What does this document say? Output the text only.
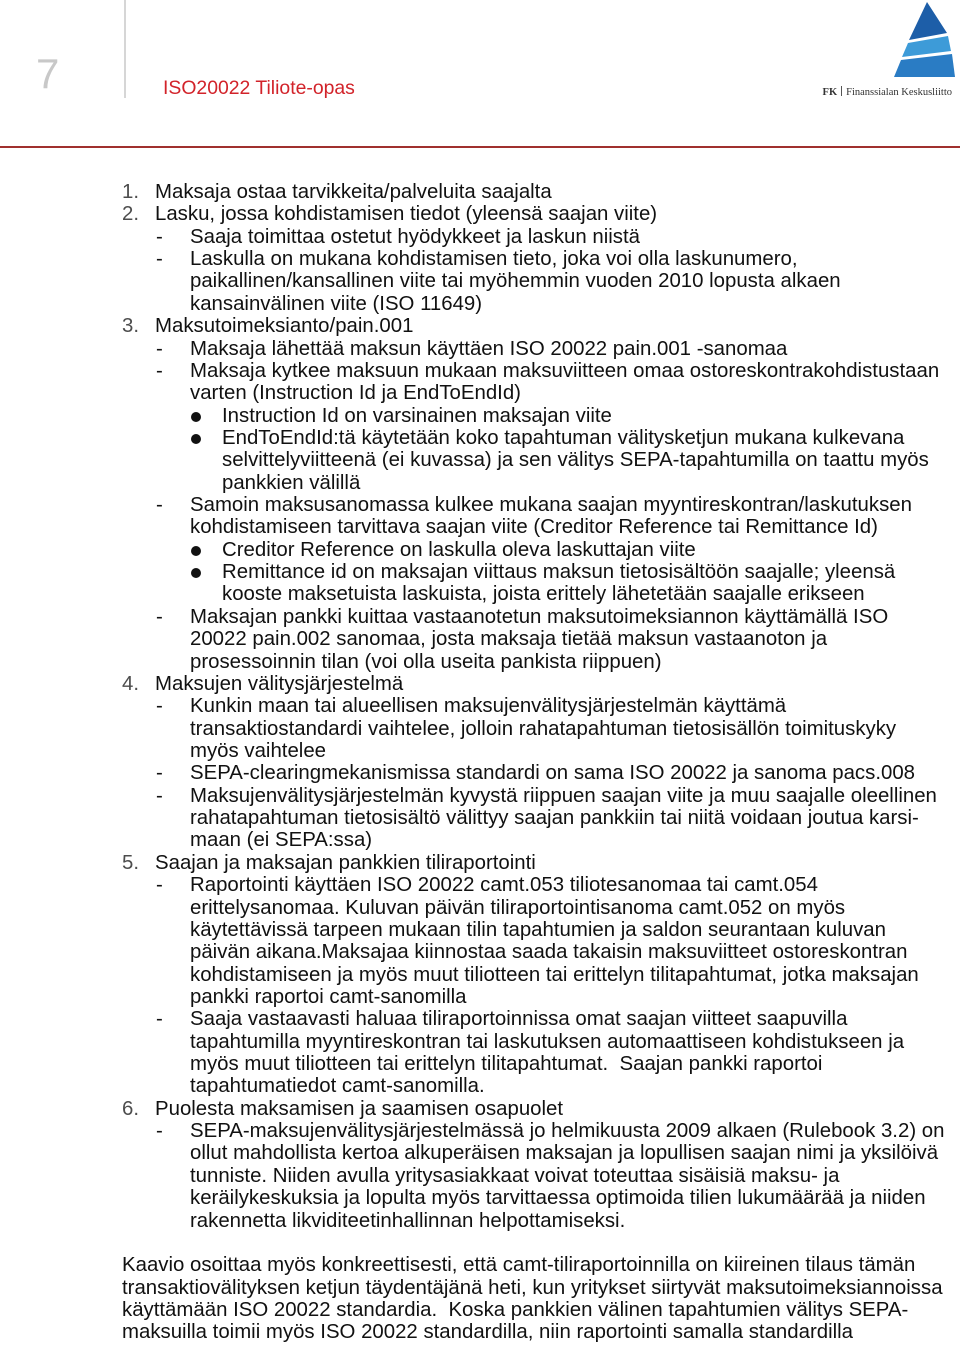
7	ISO20022 Tiliote-opas	FK Finanssialan Keskusliitto
1. Maksaja ostaa tarvikkeita/palveluita saajalta
2. Lasku, jossa kohdistamisen tiedot (yleensä saajan viite)
- Saaja toimittaa ostetut hyödykkeet ja laskun niistä
- Laskulla on mukana kohdistamisen tieto, joka voi olla laskunumero,
paikallinen/kansallinen viite tai myöhemmin vuoden 2010 lopusta alkaen
kansainvälinen viite (ISO 11649)
3. Maksutoimeksianto/pain.001
- Maksaja lähettää maksun käyttäen ISO 20022 pain.001 -sanomaa
- Maksaja kytkee maksuun mukaan maksuviitteen omaa ostoreskontrakohdistustaan
varten (Instruction Id ja EndToEndId)
Instruction Id on varsinainen maksajan viite
EndToEndId:tä käytetään koko tapahtuman välitysketjun mukana kulkevana
selvittelyviitteenä (ei kuvassa) ja sen välitys SEPA-tapahtumilla on taattu myös
pankkien välillä
- Samoin maksusanomassa kulkee mukana saajan myyntireskontran/laskutuksen
kohdistamiseen tarvittava saajan viite (Creditor Reference tai Remittance Id)
Creditor Reference on laskulla oleva laskuttajan viite
Remittance id on maksajan viittaus maksun tietosisältöön saajalle; yleensä
kooste maksetuista laskuista, joista erittely lähetetään saajalle erikseen
- Maksajan pankki kuittaa vastaanotetun maksutoimeksiannon käyttämällä ISO
20022 pain.002 sanomaa, josta maksaja tietää maksun vastaanoton ja
prosessoinnin tilan (voi olla useita pankista riippuen)
4. Maksujen välitysjärjestelmä
- Kunkin maan tai alueellisen maksujenvälitysjärjestelmän käyttämä
transaktiostandardi vaihtelee, jolloin rahatapahtuman tietosisällön toimituskyky
myös vaihtelee
- SEPA-clearingmekanismissa standardi on sama ISO 20022 ja sanoma pacs.008
- Maksujenvälitysjärjestelmän kyvystä riippuen saajan viite ja muu saajalle oleellinen
rahatapahtuman tietosisältö välittyy saajan pankkiin tai niitä voidaan joutua karsi-
maan (ei SEPA:ssa)
5. Saajan ja maksajan pankkien tiliraportointi
- Raportointi käyttäen ISO 20022 camt.053 tiliotesanomaa tai camt.054
erittelysanomaa. Kuluvan päivän tiliraportointisanoma camt.052 on myös
käytettävissä tarpeen mukaan tilin tapahtumien ja saldon seurantaan kuluvan
päivän aikana.Maksajaa kiinnostaa saada takaisin maksuviitteet ostoreskontran
kohdistamiseen ja myös muut tiliotteen tai erittelyn tilitapahtumat, jotka maksajan
pankki raportoi camt-sanomilla
- Saaja vastaavasti haluaa tiliraportoinnissa omat saajan viitteet saapuvilla
tapahtumilla myyntireskontran tai laskutuksen automaattiseen kohdistukseen ja
myös muut tiliotteen tai erittelyn tilitapahtumat.  Saajan pankki raportoi
tapahtumatiedot camt-sanomilla.
6. Puolesta maksamisen ja saamisen osapuolet
- SEPA-maksujenvälitysjärjestelmässä jo helmikuusta 2009 alkaen (Rulebook 3.2) on
ollut mahdollista kertoa alkuperäisen maksajan ja lopullisen saajan nimi ja yksilöivä
tunniste. Niiden avulla yritysasiakkaat voivat toteuttaa sisäisiä maksu- ja
keräilykeskuksia ja lopulta myös tarvittaessa optimoida tilien lukumäärää ja niiden
rakennetta likviditeetinhallinnan helpottamiseksi.
Kaavio osoittaa myös konkreettisesti, että camt-tiliraportoinnilla on kiireinen tilaus tämän
transaktiovälityksen ketjun täydentäjänä heti, kun yritykset siirtyvät maksutoimeksiannoissa
käyttämään ISO 20022 standardia.  Koska pankkien välinen tapahtumien välitys SEPA-
maksuilla toimii myös ISO 20022 standardilla, niin raportointi samalla standardilla
